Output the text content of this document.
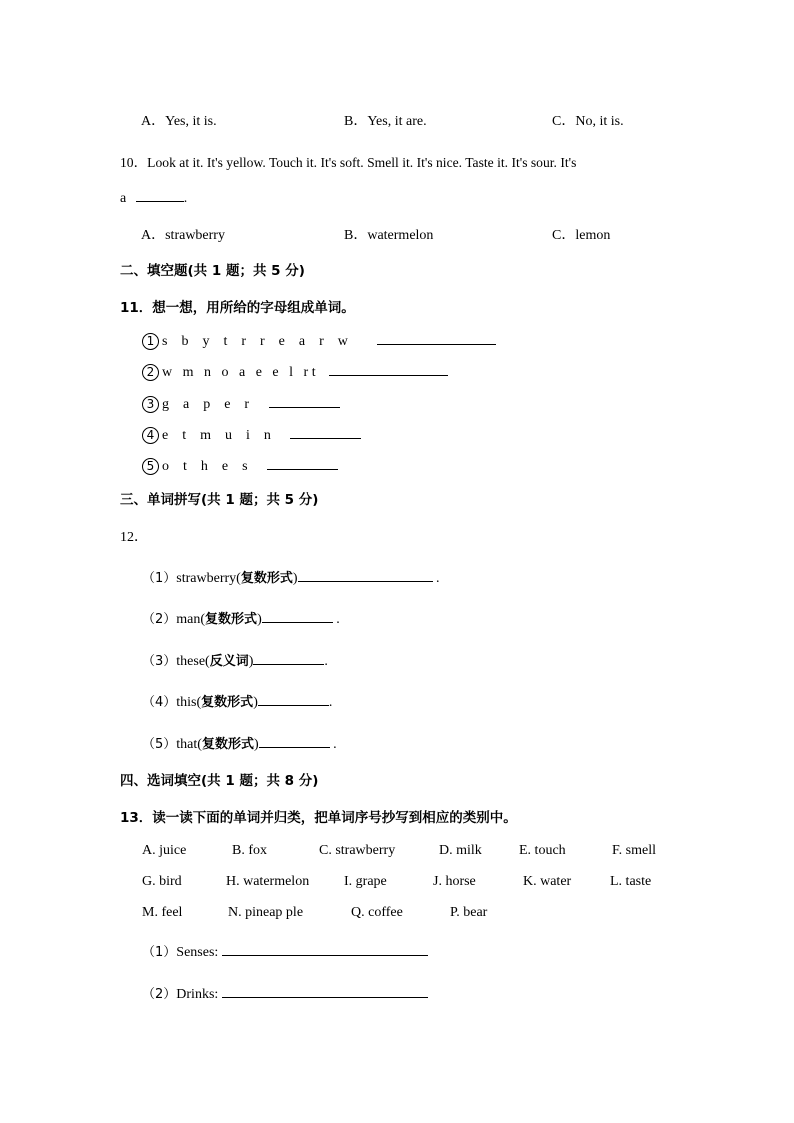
A．Yes, it is.	B．Yes, it are.	C．No, it is.
10．Look at it. It's yellow. Touch it. It's soft. Smell it. It's nice. Taste it. It's sour. It's
a	.
A．strawberry	B．watermelon	C．lemon
二、填空题(共 1 题；共 5 分)
11．想一想，用所给的字母组成单词。
1 s    b    y    t    r    r    e    a    r    w
2 w   m   n   o   a   e   e   l   r t
3 g    a    p    e    r
4 e    t    m    u    i    n
5 o    t    h    e    s
三、单词拼写(共 1 题；共 5 分)
12．
（1）strawberry(复数形式)	.
（2）man(复数形式)	.
（3）these(反义词)	.
（4）this(复数形式)	.
（5）that(复数形式)	.
四、选词填空(共 1 题；共 8 分)
13．读一读下面的单词并归类，把单词序号抄写到相应的类别中。
A. juice	B. fox	C. strawberry	D. milk	E. touch	F. smell
G. bird	H. watermelon I. grape	J. horse	K. water	L. taste
M. feel	N. pineap ple	Q. coffee	P. bear
（1）Senses:
（2）Drinks:
